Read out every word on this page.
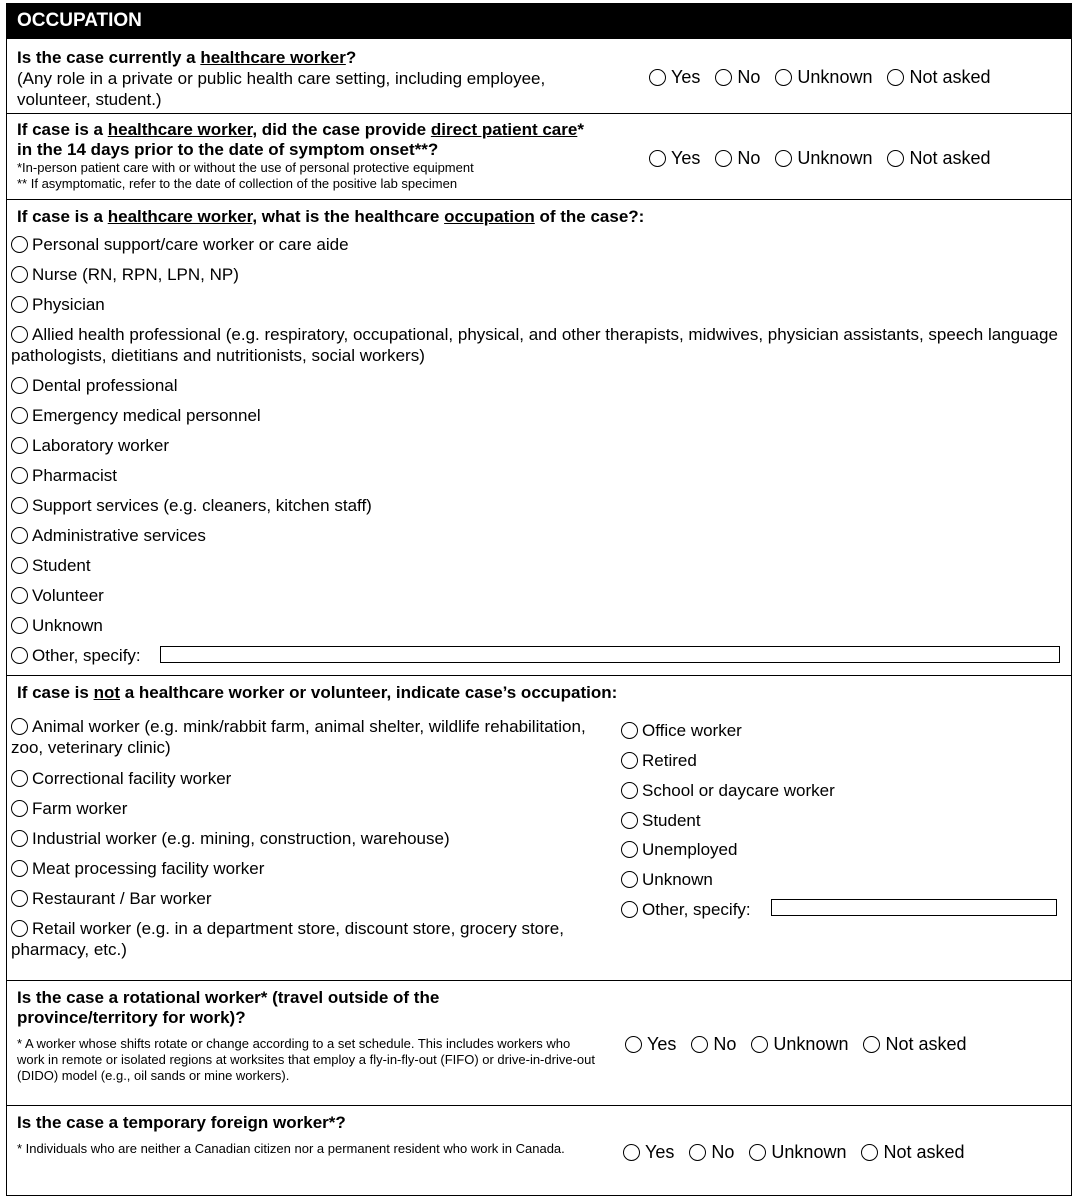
OCCUPATION
Is the case currently a healthcare worker?
(Any role in a private or public health care setting, including employee, volunteer, student.)
Yes No Unknown Not asked
If case is a healthcare worker, did the case provide direct patient care*
in the 14 days prior to the date of symptom onset**?
*In-person patient care with or without the use of personal protective equipment
** If asymptomatic, refer to the date of collection of the positive lab specimen
Yes No Unknown Not asked
If case is a healthcare worker, what is the healthcare occupation of the case?:
Personal support/care worker or care aide
Nurse (RN, RPN, LPN, NP)
Physician
Allied health professional (e.g. respiratory, occupational, physical, and other therapists, midwives, physician assistants, speech language pathologists, dietitians and nutritionists, social workers)
Dental professional
Emergency medical personnel
Laboratory worker
Pharmacist
Support services (e.g. cleaners, kitchen staff)
Administrative services
Student
Volunteer
Unknown
Other, specify:
If case is not a healthcare worker or volunteer, indicate case’s occupation:
Animal worker (e.g. mink/rabbit farm, animal shelter, wildlife rehabilitation, zoo, veterinary clinic)
Correctional facility worker
Farm worker
Industrial worker (e.g. mining, construction, warehouse)
Meat processing facility worker
Restaurant / Bar worker
Retail worker (e.g. in a department store, discount store, grocery store, pharmacy, etc.)
Office worker
Retired
School or daycare worker
Student
Unemployed
Unknown
Other, specify:
Is the case a rotational worker* (travel outside of the province/territory for work)?
* A worker whose shifts rotate or change according to a set schedule. This includes workers who work in remote or isolated regions at worksites that employ a fly-in-fly-out (FIFO) or drive-in-drive-out (DIDO) model (e.g., oil sands or mine workers).
Yes No Unknown Not asked
Is the case a temporary foreign worker*?
* Individuals who are neither a Canadian citizen nor a permanent resident who work in Canada.	Yes No Unknown Not asked
